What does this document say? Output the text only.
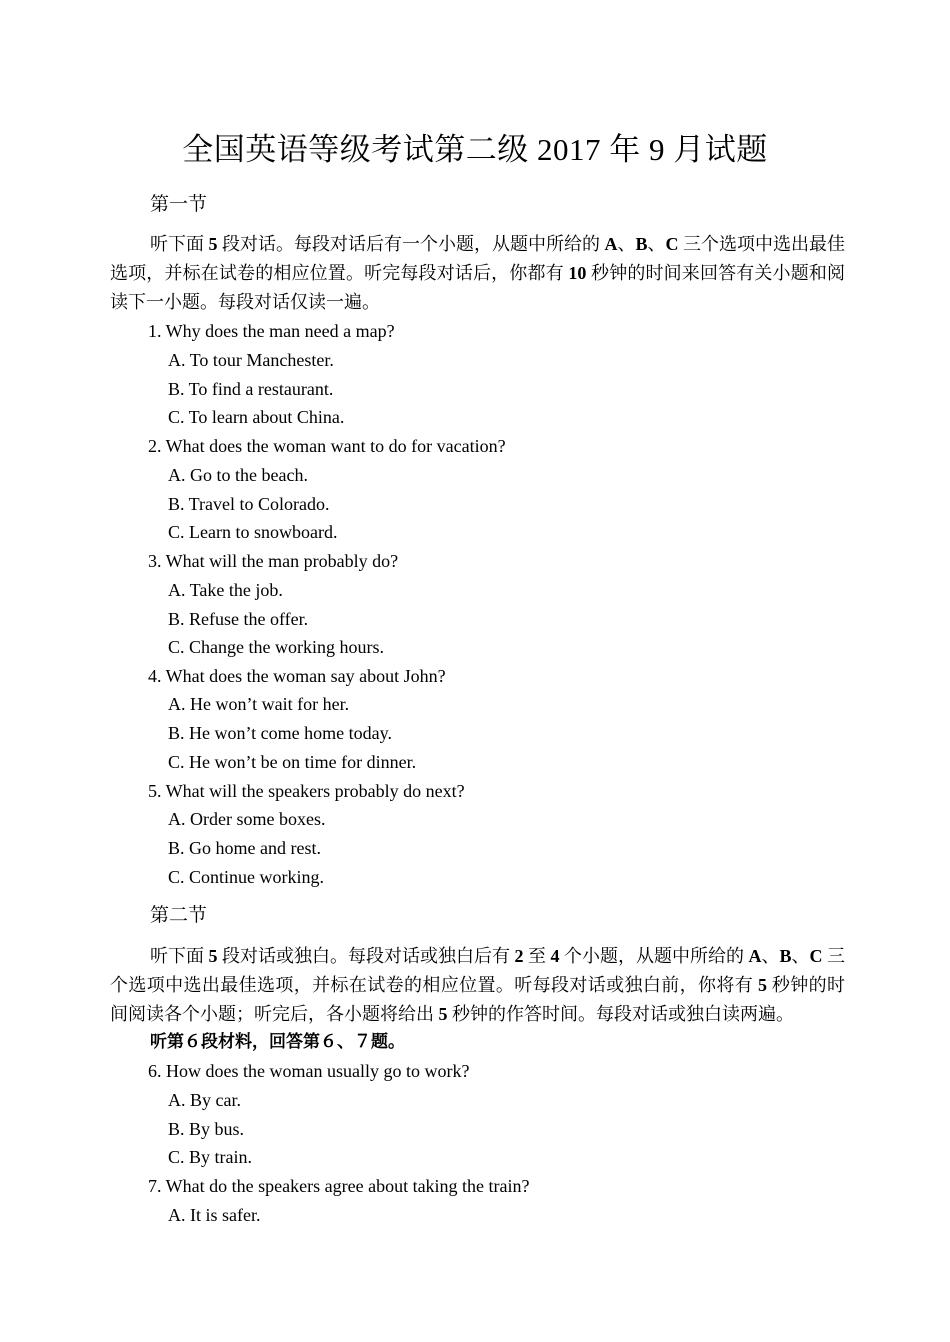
全国英语等级考试第二级 2017 年 9 月试题
第一节
听下面 5 段对话。每段对话后有一个小题，从题中所给的 A、B、C 三个选项中选出最佳选项，并标在试卷的相应位置。听完每段对话后，你都有 10 秒钟的时间来回答有关小题和阅读下一小题。每段对话仅读一遍。
1. Why does the man need a map?
A. To tour Manchester.
B. To find a restaurant.
C. To learn about China.
2. What does the woman want to do for vacation?
A. Go to the beach.
B. Travel to Colorado.
C. Learn to snowboard.
3. What will the man probably do?
A. Take the job.
B. Refuse the offer.
C. Change the working hours.
4. What does the woman say about John?
A. He won’t wait for her.
B. He won’t come home today.
C. He won’t be on time for dinner.
5. What will the speakers probably do next?
A. Order some boxes.
B. Go home and rest.
C. Continue working.
第二节
听下面 5 段对话或独白。每段对话或独白后有 2 至 4 个小题，从题中所给的 A、B、C 三个选项中选出最佳选项，并标在试卷的相应位置。听每段对话或独白前，你将有 5 秒钟的时间阅读各个小题；听完后，各小题将给出 5 秒钟的作答时间。每段对话或独白读两遍。
听第６段材料，回答第６、７题。
6. How does the woman usually go to work?
A. By car.
B. By bus.
C. By train.
7. What do the speakers agree about taking the train?
A. It is safer.
